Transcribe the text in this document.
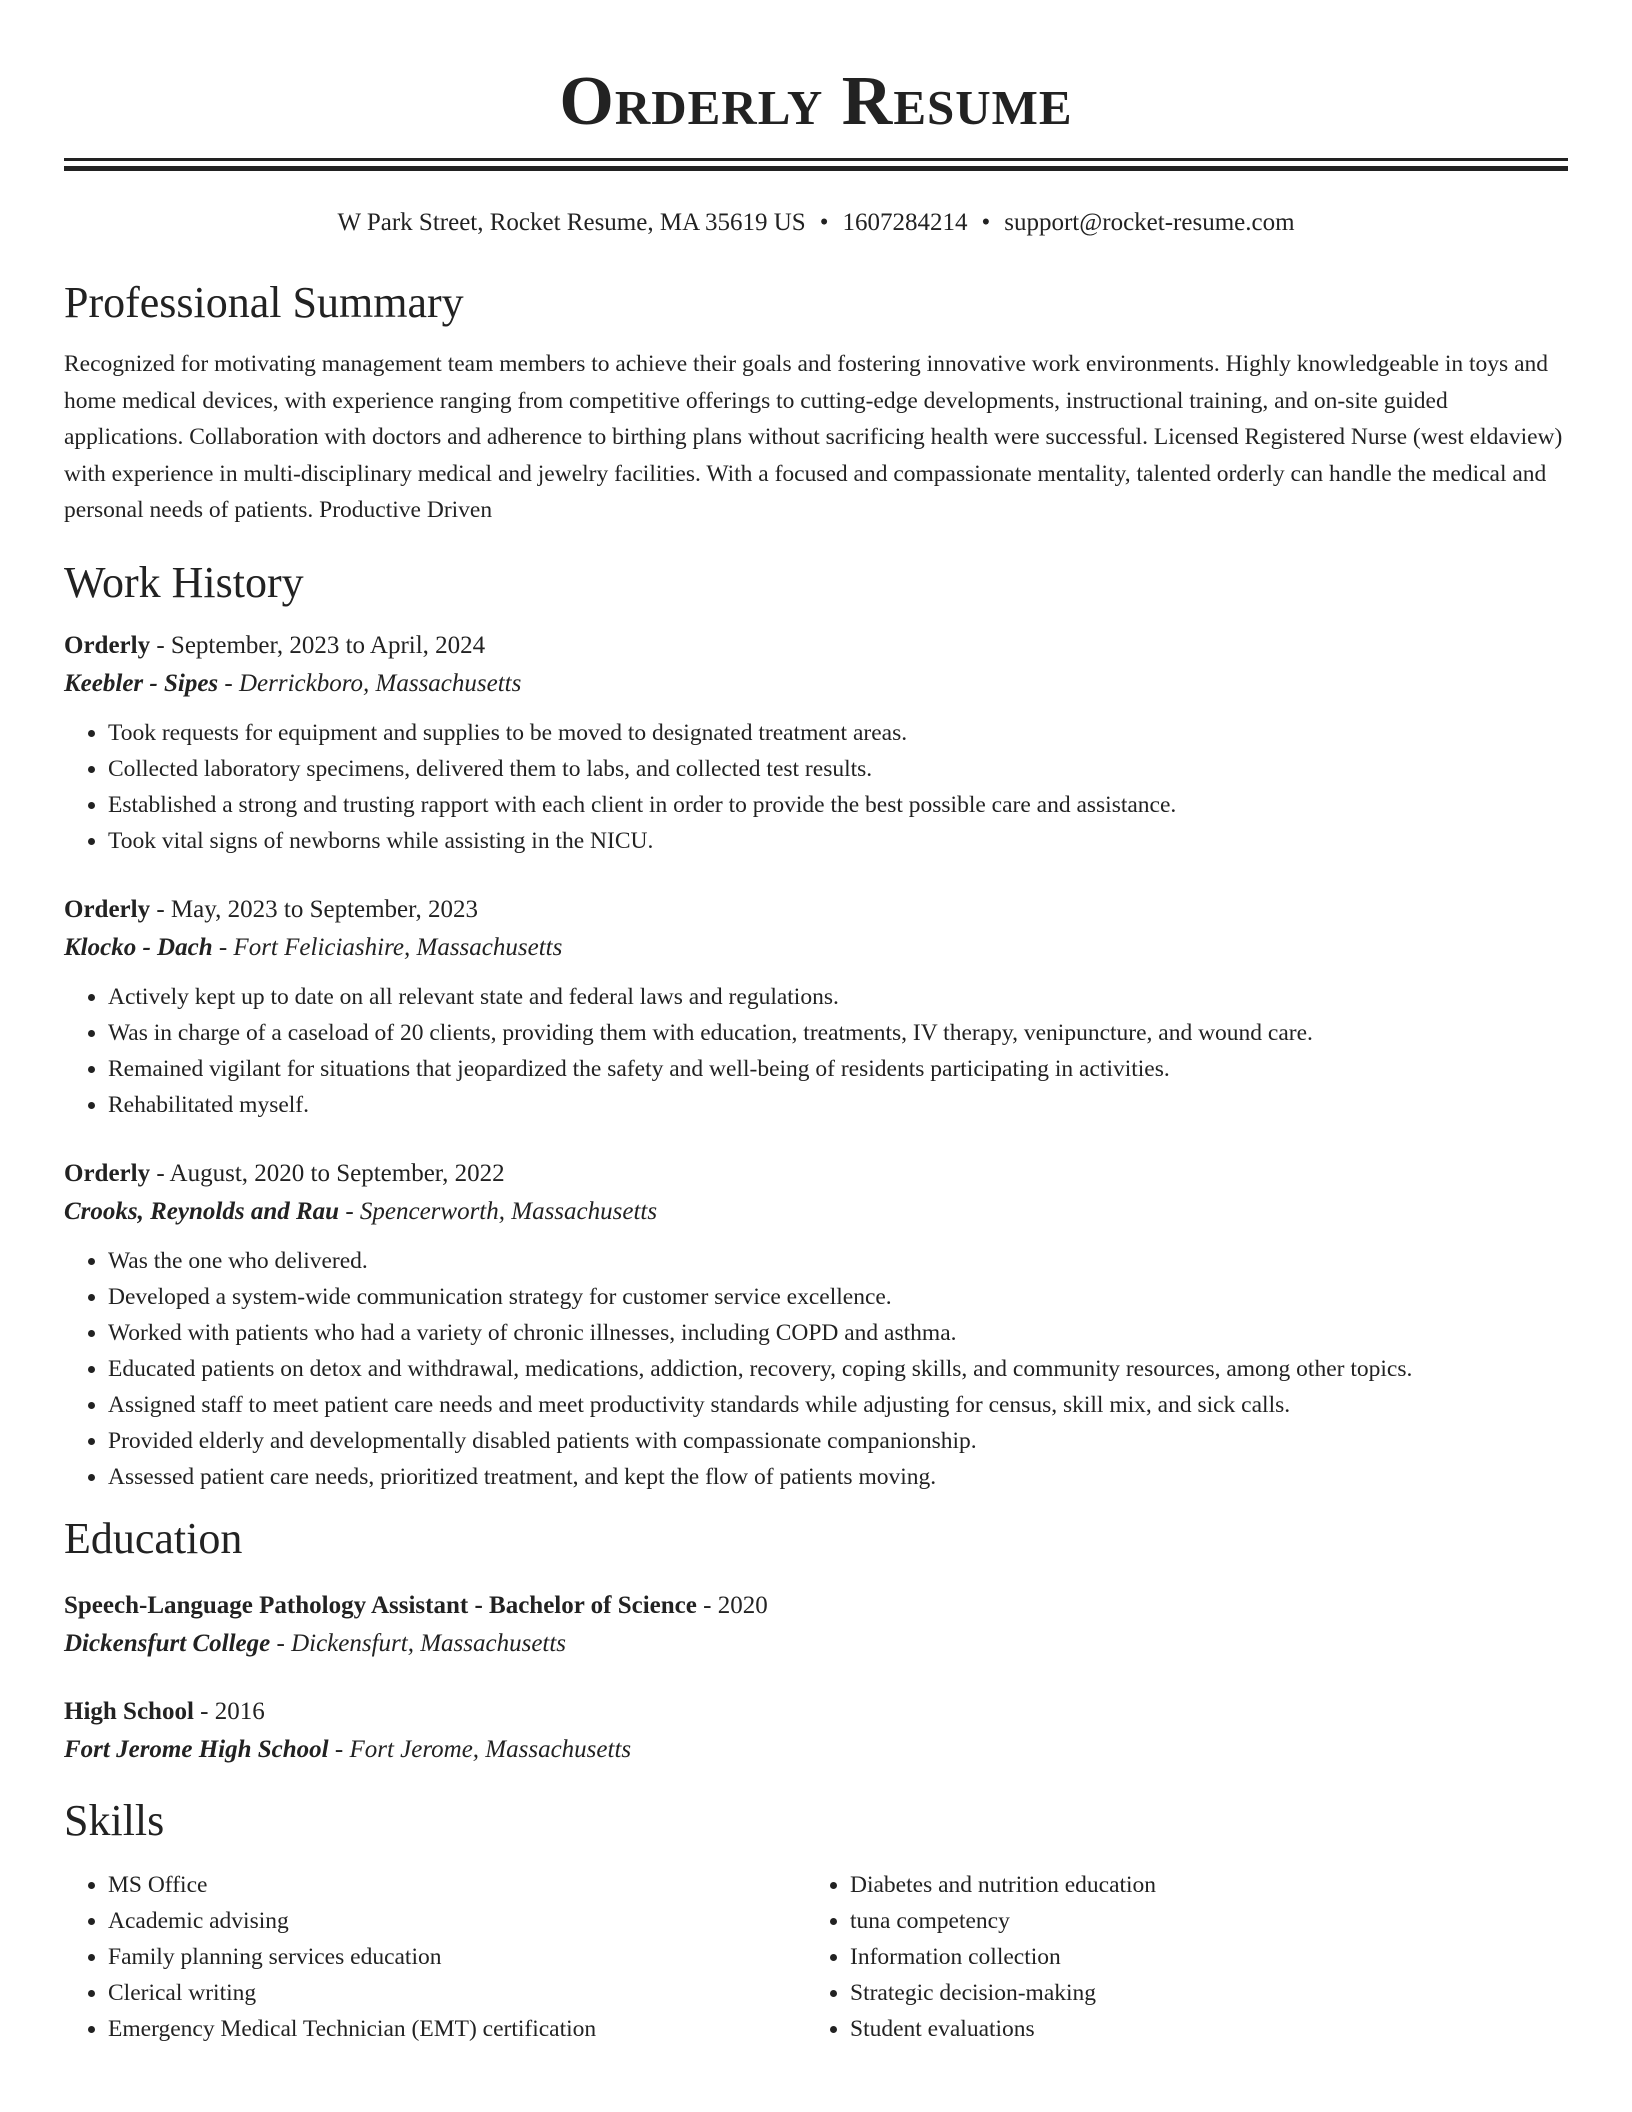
Orderly Resume
W Park Street, Rocket Resume, MA 35619 US • 1607284214 • support@rocket-resume.com
Professional Summary

Recognized for motivating management team members to achieve their goals and fostering innovative work environments. Highly knowledgeable in toys and home medical devices, with experience ranging from competitive offerings to cutting-edge developments, instructional training, and on-site guided applications. Collaboration with doctors and adherence to birthing plans without sacrificing health were successful. Licensed Registered Nurse (west eldaview) with experience in multi-disciplinary medical and jewelry facilities. With a focused and compassionate mentality, talented orderly can handle the medical and personal needs of patients. Productive Driven

Work History
Orderly - September, 2023 to April, 2024
Keebler - Sipes - Derrickboro, Massachusetts
• Took requests for equipment and supplies to be moved to designated treatment areas.
• Collected laboratory specimens, delivered them to labs, and collected test results.
• Established a strong and trusting rapport with each client in order to provide the best possible care and assistance.
• Took vital signs of newborns while assisting in the NICU.
Orderly - May, 2023 to September, 2023
Klocko - Dach - Fort Feliciashire, Massachusetts
• Actively kept up to date on all relevant state and federal laws and regulations.
• Was in charge of a caseload of 20 clients, providing them with education, treatments, IV therapy, venipuncture, and wound care.
• Remained vigilant for situations that jeopardized the safety and well-being of residents participating in activities.
• Rehabilitated myself.
Orderly - August, 2020 to September, 2022
Crooks, Reynolds and Rau - Spencerworth, Massachusetts
• Was the one who delivered.
• Developed a system-wide communication strategy for customer service excellence.
• Worked with patients who had a variety of chronic illnesses, including COPD and asthma.
• Educated patients on detox and withdrawal, medications, addiction, recovery, coping skills, and community resources, among other topics.
• Assigned staff to meet patient care needs and meet productivity standards while adjusting for census, skill mix, and sick calls.
• Provided elderly and developmentally disabled patients with compassionate companionship.
• Assessed patient care needs, prioritized treatment, and kept the flow of patients moving.
Education
Speech-Language Pathology Assistant - Bachelor of Science - 2020
Dickensfurt College - Dickensfurt, Massachusetts
High School - 2016
Fort Jerome High School - Fort Jerome, Massachusetts
Skills
• MS Office
• Academic advising
• Family planning services education
• Clerical writing
• Emergency Medical Technician (EMT) certification
• Diabetes and nutrition education
• tuna competency
• Information collection
• Strategic decision-making
• Student evaluations
